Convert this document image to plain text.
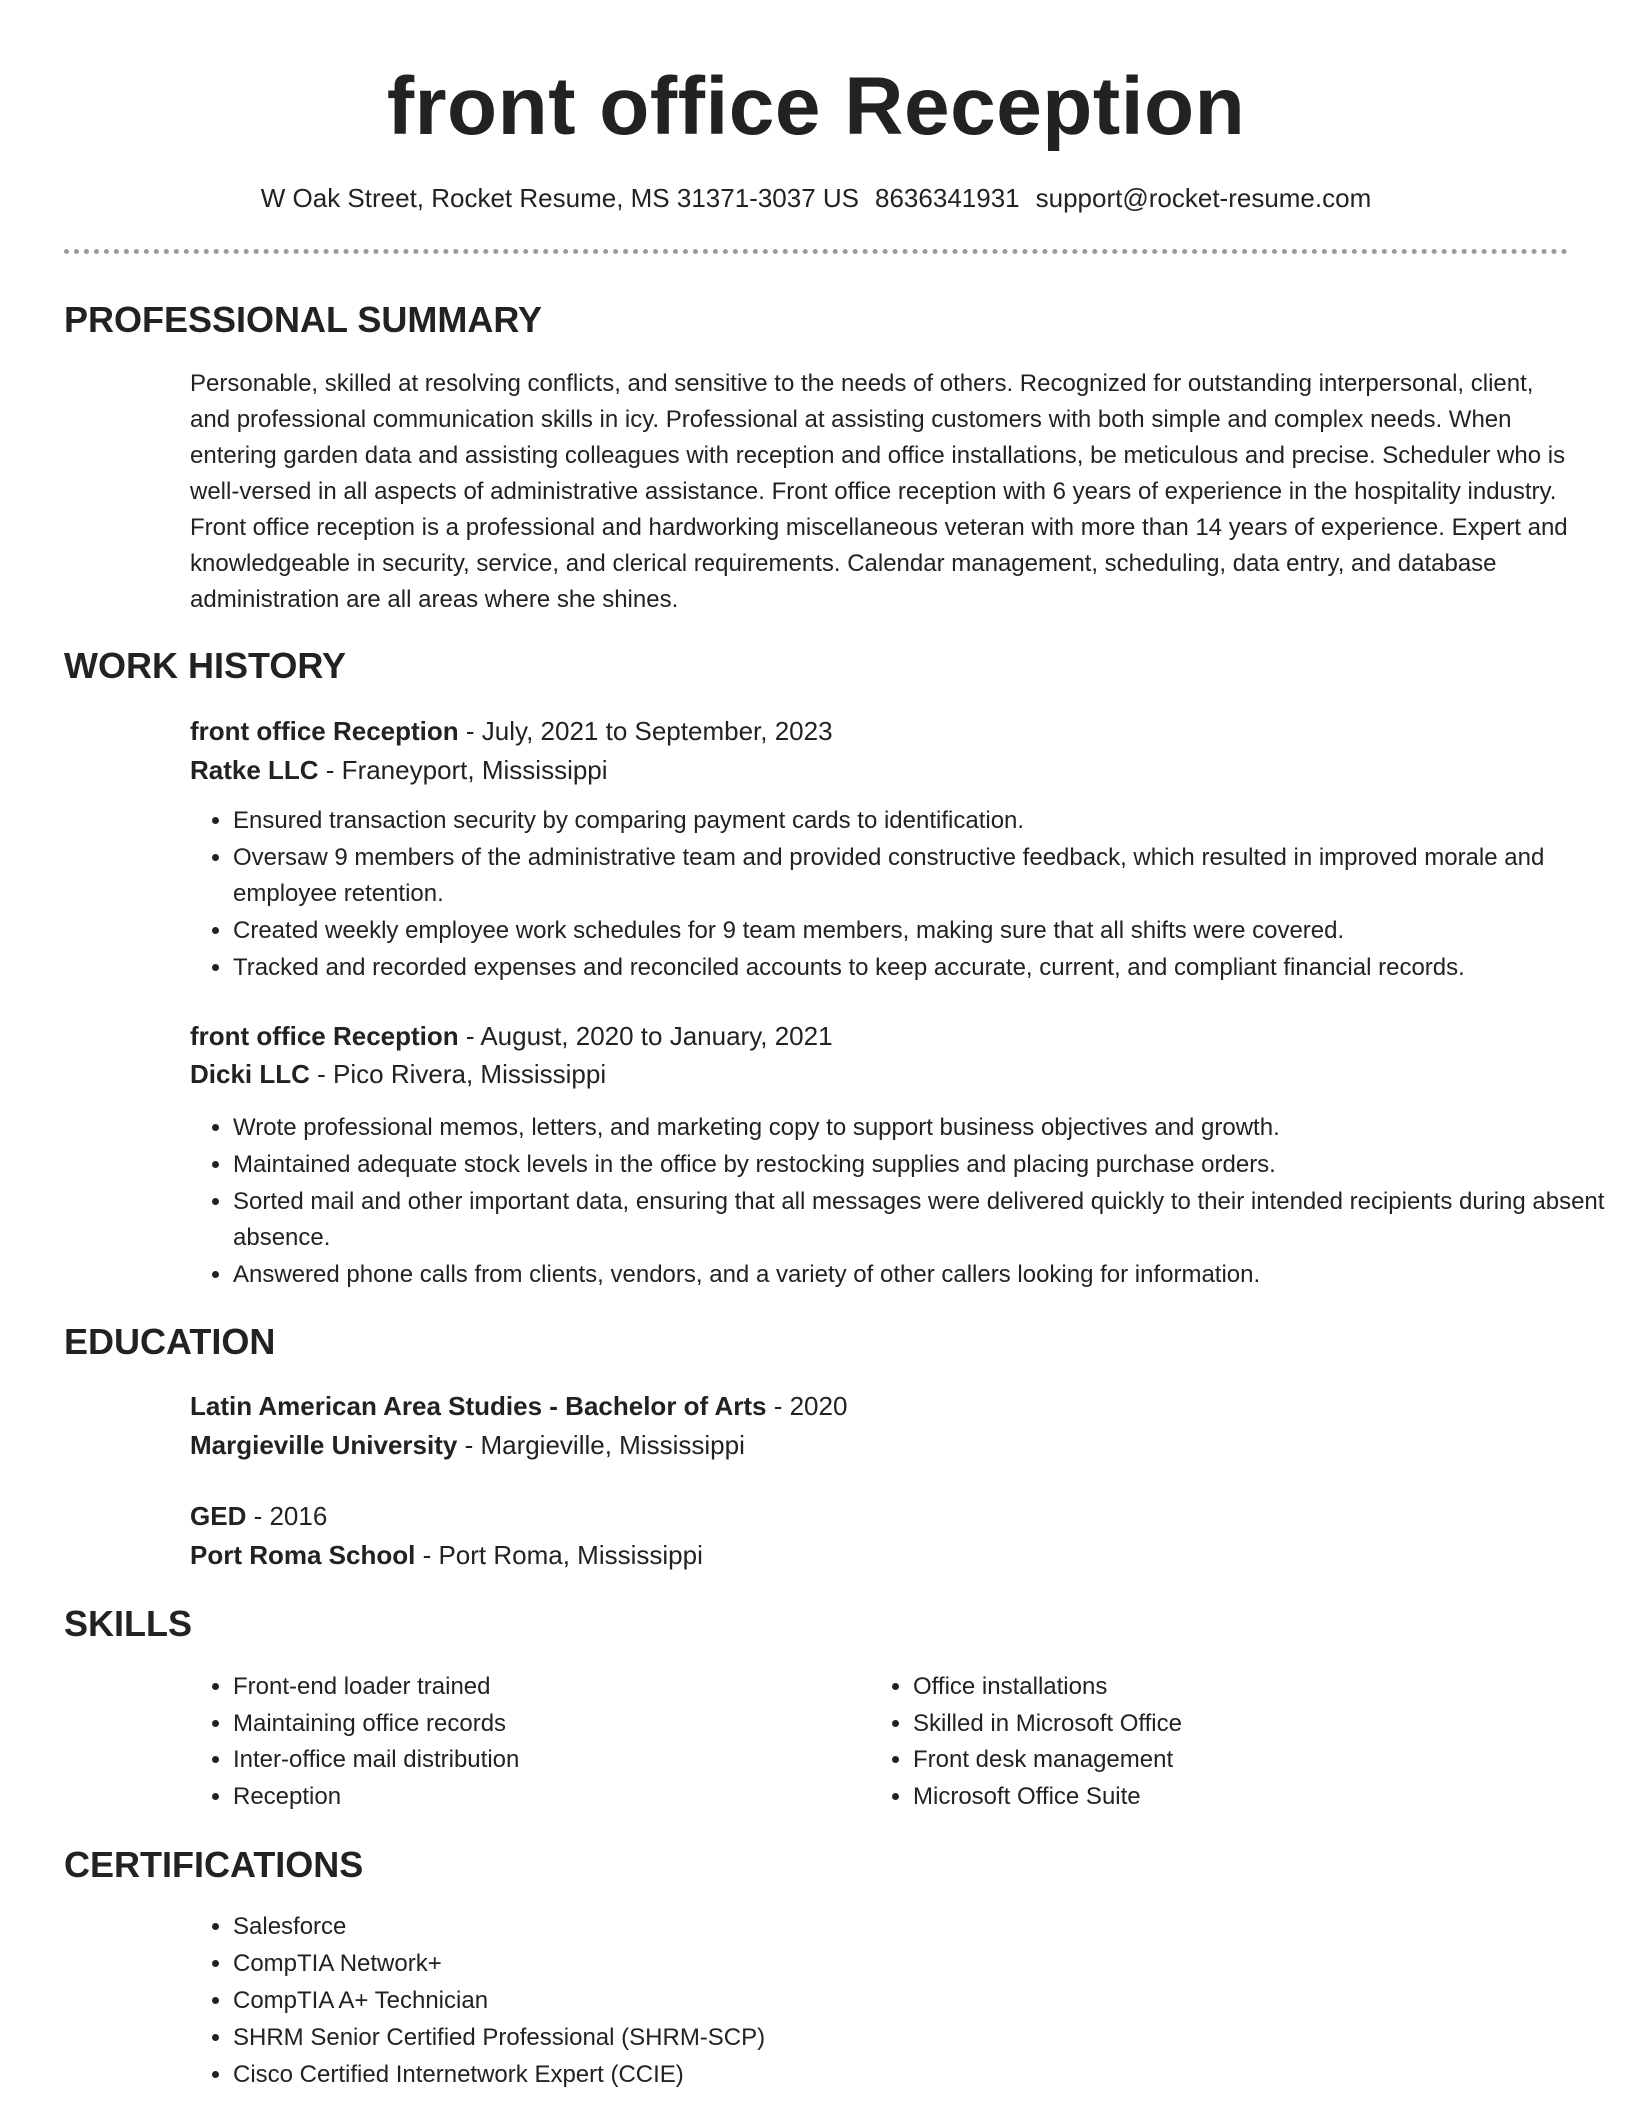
front office Reception
W Oak Street, Rocket Resume, MS 31371-3037 US 8636341931 support@rocket-resume.com
PROFESSIONAL SUMMARY
Personable, skilled at resolving conflicts, and sensitive to the needs of others. Recognized for outstanding interpersonal, client, and professional communication skills in icy. Professional at assisting customers with both simple and complex needs. When entering garden data and assisting colleagues with reception and office installations, be meticulous and precise. Scheduler who is well-versed in all aspects of administrative assistance. Front office reception with 6 years of experience in the hospitality industry. Front office reception is a professional and hardworking miscellaneous veteran with more than 14 years of experience. Expert and knowledgeable in security, service, and clerical requirements. Calendar management, scheduling, data entry, and database administration are all areas where she shines.
WORK HISTORY
front office Reception - July, 2021 to September, 2023
Ratke LLC - Franeyport, Mississippi
• Ensured transaction security by comparing payment cards to identification.
• Oversaw 9 members of the administrative team and provided constructive feedback, which resulted in improved morale and employee retention.
• Created weekly employee work schedules for 9 team members, making sure that all shifts were covered.
• Tracked and recorded expenses and reconciled accounts to keep accurate, current, and compliant financial records.
front office Reception - August, 2020 to January, 2021
Dicki LLC - Pico Rivera, Mississippi
• Wrote professional memos, letters, and marketing copy to support business objectives and growth.
• Maintained adequate stock levels in the office by restocking supplies and placing purchase orders.
• Sorted mail and other important data, ensuring that all messages were delivered quickly to their intended recipients during absent absence.
• Answered phone calls from clients, vendors, and a variety of other callers looking for information.
EDUCATION
Latin American Area Studies - Bachelor of Arts - 2020
Margieville University - Margieville, Mississippi
GED - 2016
Port Roma School - Port Roma, Mississippi
SKILLS
• Front-end loader trained
• Maintaining office records
• Inter-office mail distribution
• Reception
• Office installations
• Skilled in Microsoft Office
• Front desk management
• Microsoft Office Suite
CERTIFICATIONS
• Salesforce
• CompTIA Network+
• CompTIA A+ Technician
• SHRM Senior Certified Professional (SHRM-SCP)
• Cisco Certified Internetwork Expert (CCIE)
